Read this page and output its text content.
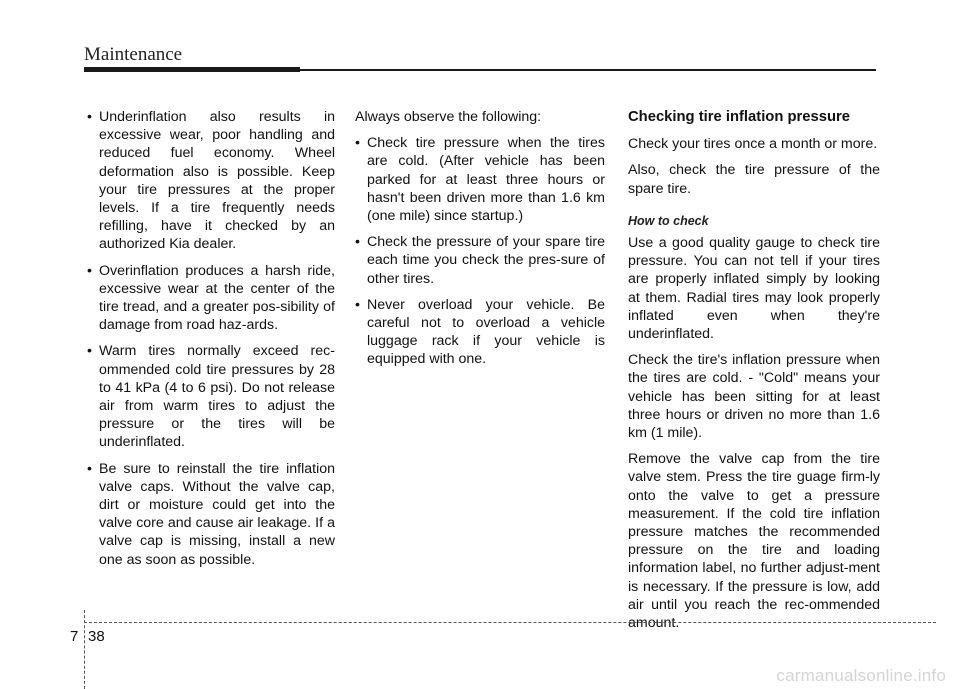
Maintenance
• Underinflation also results in excessive wear, poor handling and reduced fuel economy. Wheel deformation also is possible. Keep your tire pressures at the proper levels. If a tire frequently needs refilling, have it checked by an authorized Kia dealer.
• Overinflation produces a harsh ride, excessive wear at the center of the tire tread, and a greater pos-sibility of damage from road haz-ards.
• Warm tires normally exceed rec-ommended cold tire pressures by 28 to 41 kPa (4 to 6 psi). Do not release air from warm tires to adjust the pressure or the tires will be underinflated.
• Be sure to reinstall the tire inflation valve caps. Without the valve cap, dirt or moisture could get into the valve core and cause air leakage. If a valve cap is missing, install a new one as soon as possible.

Always observe the following:

• Check tire pressure when the tires are cold. (After vehicle has been parked for at least three hours or hasn't been driven more than 1.6 km (one mile) since startup.)
• Check the pressure of your spare tire each time you check the pres-sure of other tires.
• Never overload your vehicle. Be careful not to overload a vehicle luggage rack if your vehicle is equipped with one.

Checking tire inflation pressure

Check your tires once a month or more.

Also, check the tire pressure of the spare tire.

How to check

Use a good quality gauge to check tire pressure. You can not tell if your tires are properly inflated simply by looking at them. Radial tires may look properly inflated even when they're underinflated.

Check the tire's inflation pressure when the tires are cold. - "Cold" means your vehicle has been sitting for at least three hours or driven no more than 1.6 km (1 mile).

Remove the valve cap from the tire valve stem. Press the tire guage firm-ly onto the valve to get a pressure measurement. If the cold tire inflation pressure matches the recommended pressure on the tire and loading information label, no further adjust-ment is necessary. If the pressure is low, add air until you reach the rec-ommended amount.

7 38
carmanualsonline.info
